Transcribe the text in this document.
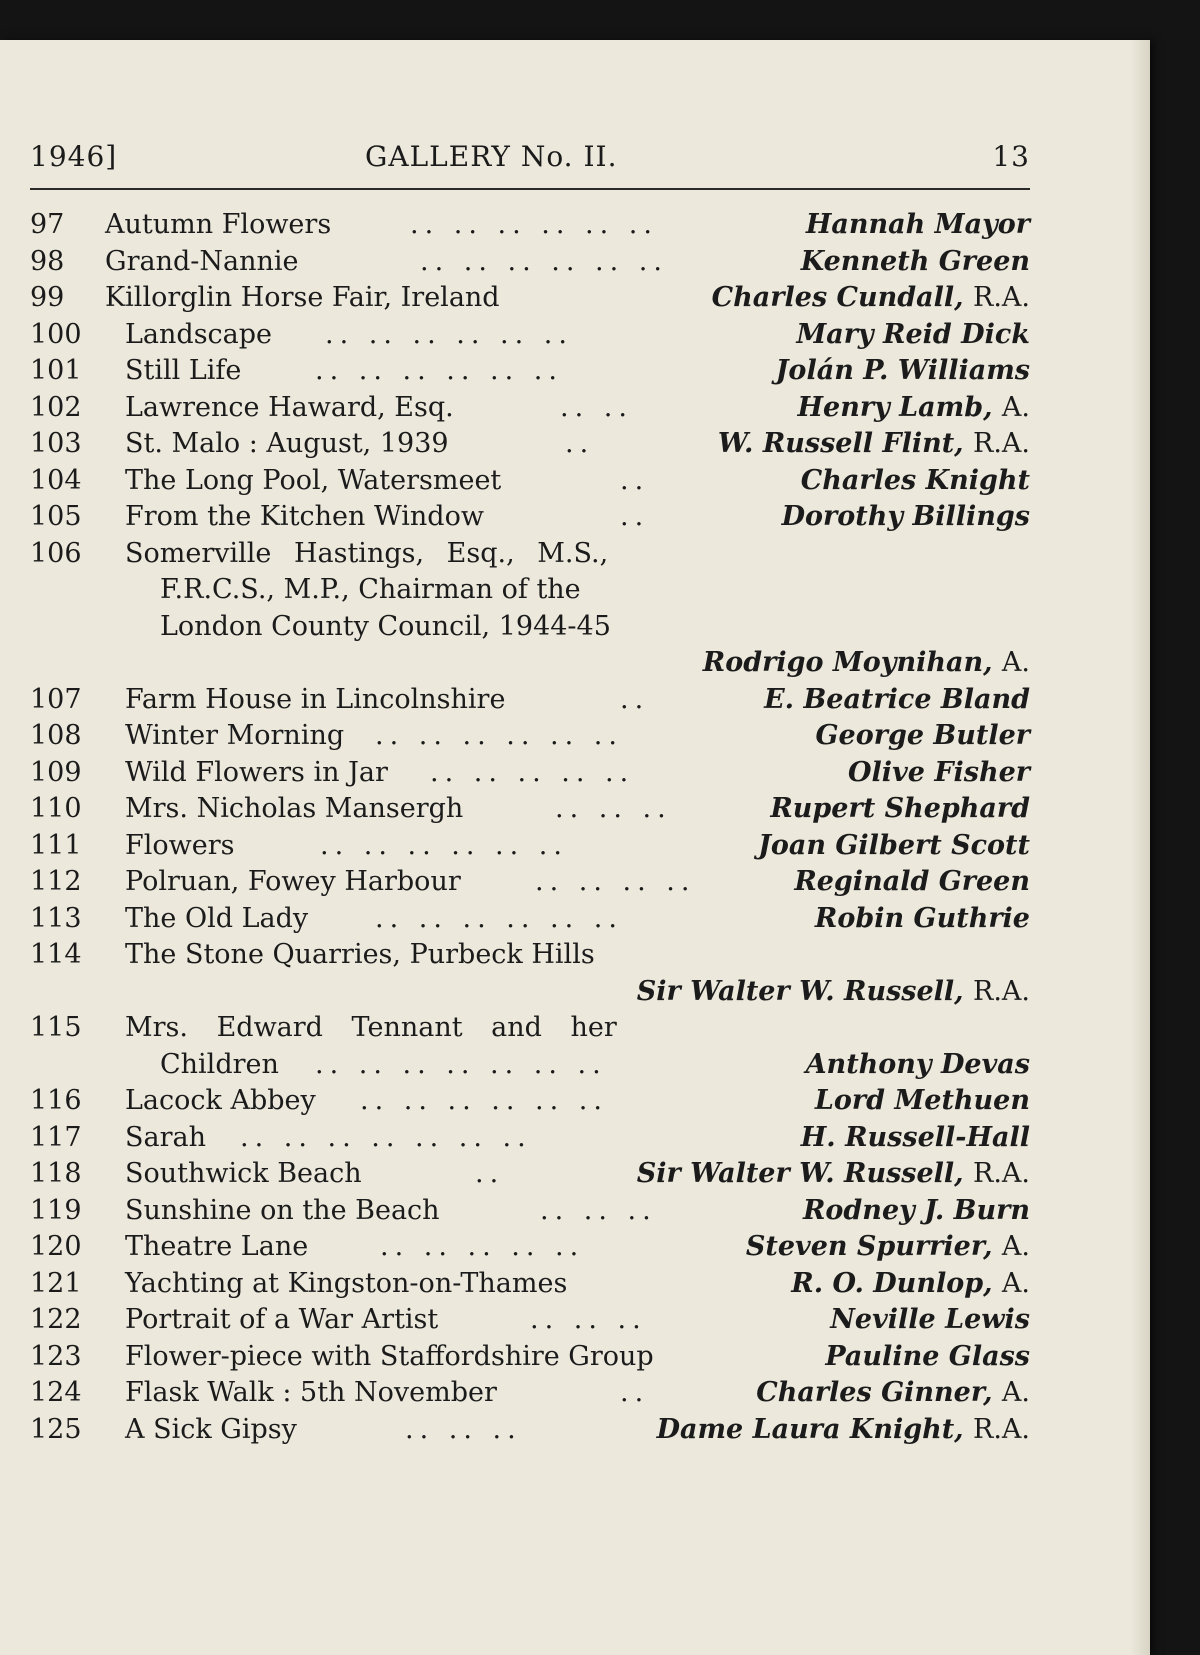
1946]	GALLERY No. II.	13
97 Autumn Flowers	.. .. .. .. .. ..	Hannah Mayor
98 Grand-Nannie	.. .. .. .. .. ..	Kenneth Green
99 Killorglin Horse Fair, Ireland	Charles Cundall, R.A.
100 Landscape .. .. .. .. .. ..	Mary Reid Dick
101 Still Life	.. .. .. .. .. ..	Jolán P. Williams
102 Lawrence Haward, Esq.	.. ..	Henry Lamb, A.
103 St. Malo : August, 1939	..	W. Russell Flint, R.A.
104 The Long Pool, Watersmeet	..	Charles Knight
105 From the Kitchen Window	..	Dorothy Billings
106 Somerville Hastings, Esq., M.S.,
F.R.C.S., M.P., Chairman of the
London County Council, 1944-45
Rodrigo Moynihan, A.
107 Farm House in Lincolnshire	..	E. Beatrice Bland
108 Winter Morning .. .. .. .. .. ..	George Butler
109 Wild Flowers in Jar .. .. .. .. ..	Olive Fisher
110 Mrs. Nicholas Mansergh	.. .. ..	Rupert Shephard
111 Flowers	.. .. .. .. .. ..	Joan Gilbert Scott
112 Polruan, Fowey Harbour	.. .. .. ..	Reginald Green
113 The Old Lady .. .. .. .. .. ..	Robin Guthrie
114 The Stone Quarries, Purbeck Hills
Sir Walter W. Russell, R.A.
115 Mrs. Edward Tennant and her
Children .. .. .. .. .. .. ..	Anthony Devas
116 Lacock Abbey .. .. .. .. .. ..	Lord Methuen
117 Sarah .. .. .. .. .. .. ..	H. Russell-Hall
118 Southwick Beach	..	Sir Walter W. Russell, R.A.
119 Sunshine on the Beach	.. .. ..	Rodney J. Burn
120 Theatre Lane	.. .. .. .. ..	Steven Spurrier, A.
121 Yachting at Kingston-on-Thames	R. O. Dunlop, A.
122 Portrait of a War Artist	.. .. ..	Neville Lewis
123 Flower-piece with Staffordshire Group	Pauline Glass
124 Flask Walk : 5th November	..	Charles Ginner, A.
125 A Sick Gipsy	.. .. ..	Dame Laura Knight, R.A.
